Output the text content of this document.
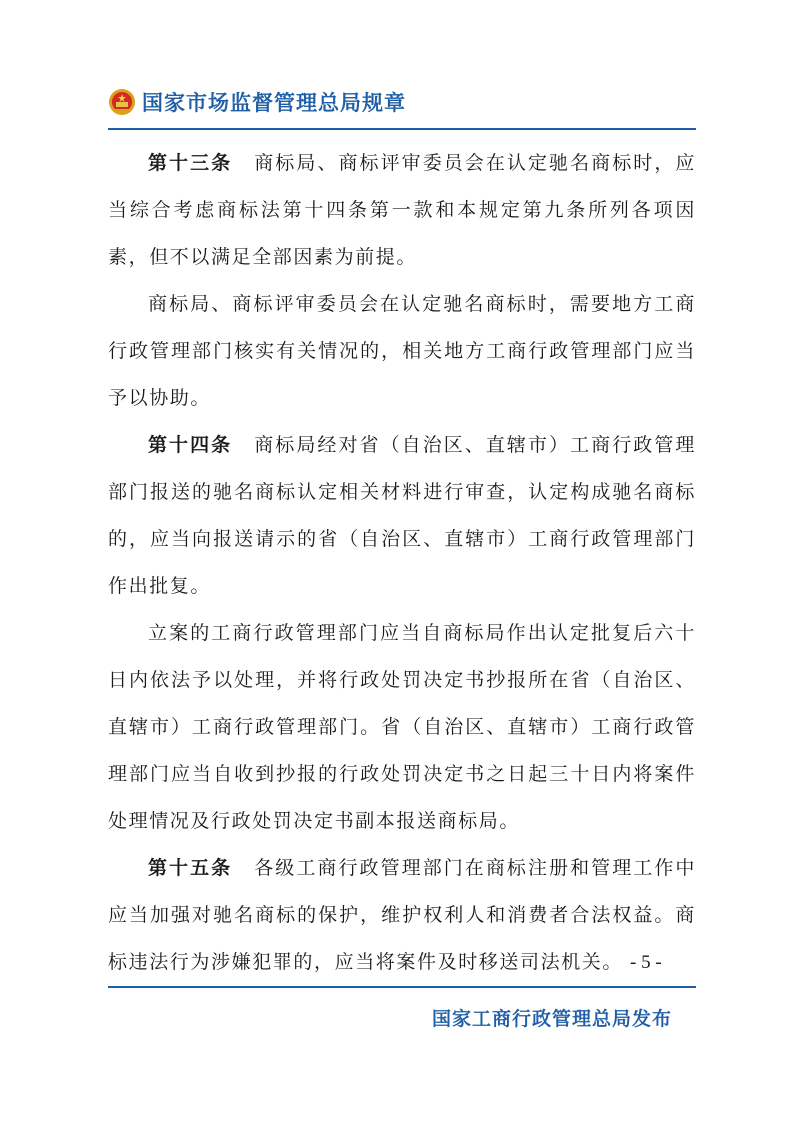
国家市场监督管理总局规章

第十三条 商标局、商标评审委员会在认定驰名商标时，应当综合考虑商标法第十四条第一款和本规定第九条所列各项因素，但不以满足全部因素为前提。

商标局、商标评审委员会在认定驰名商标时，需要地方工商行政管理部门核实有关情况的，相关地方工商行政管理部门应当予以协助。

第十四条 商标局经对省（自治区、直辖市）工商行政管理部门报送的驰名商标认定相关材料进行审查，认定构成驰名商标的，应当向报送请示的省（自治区、直辖市）工商行政管理部门作出批复。

立案的工商行政管理部门应当自商标局作出认定批复后六十日内依法予以处理，并将行政处罚决定书抄报所在省（自治区、直辖市）工商行政管理部门。省（自治区、直辖市）工商行政管理部门应当自收到抄报的行政处罚决定书之日起三十日内将案件处理情况及行政处罚决定书副本报送商标局。

第十五条 各级工商行政管理部门在商标注册和管理工作中应当加强对驰名商标的保护，维护权利人和消费者合法权益。商标违法行为涉嫌犯罪的，应当将案件及时移送司法机关。 - 5 -
国家工商行政管理总局发布
